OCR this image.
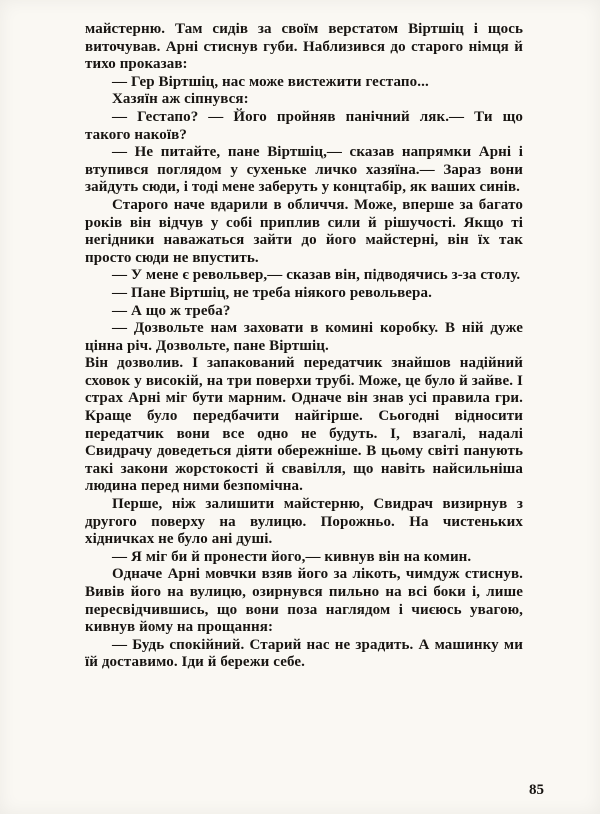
майстерню. Там сидів за своїм верстатом Віртшіц і щось виточував. Арні стиснув губи. Наблизився до старого німця й тихо проказав:

— Гер Віртшіц, нас може вистежити гестапо...

Хазяїн аж сіпнувся:

— Гестапо? — Його пройняв панічний ляк.— Ти що такого накоїв?

— Не питайте, пане Віртшіц,— сказав напрямки Арні і втупився поглядом у сухеньке личко хазяїна.— Зараз вони зайдуть сюди, і тоді мене заберуть у концтабір, як ваших синів.

Старого наче вдарили в обличчя. Може, вперше за багато років він відчув у собі приплив сили й рішучості. Якщо ті негідники наважаться зайти до його майстерні, він їх так просто сюди не впустить.

— У мене є револьвер,— сказав він, підводячись з-за столу.

— Пане Віртшіц, не треба ніякого револьвера.

— А що ж треба?

— Дозвольте нам заховати в комині коробку. В ній дуже цінна річ. Дозвольте, пане Віртшіц.

Він дозволив. І запакований передатчик знайшов надійний сховок у високій, на три поверхи трубі. Може, це було й зайве. І страх Арні міг бути марним. Одначе він знав усі правила гри. Краще було передбачити найгірше. Сьогодні відносити передатчик вони все одно не будуть. І, взагалі, надалі Свидрачу доведеться діяти обережніше. В цьому світі панують такі закони жорстокості й свавілля, що навіть найсильніша людина перед ними безпомічна.

Перше, ніж залишити майстерню, Свидрач визирнув з другого поверху на вулицю. Порожньо. На чистеньких хідничках не було ані душі.

— Я міг би й пронести його,— кивнув він на комин.

Одначе Арні мовчки взяв його за лікоть, чимдуж стиснув. Вивів його на вулицю, озирнувся пильно на всі боки і, лише пересвідчившись, що вони поза наглядом і чиєюсь увагою, кивнув йому на прощання:

— Будь спокійний. Старий нас не зрадить. А машинку ми їй доставимо. Іди й бережи себе.

85
